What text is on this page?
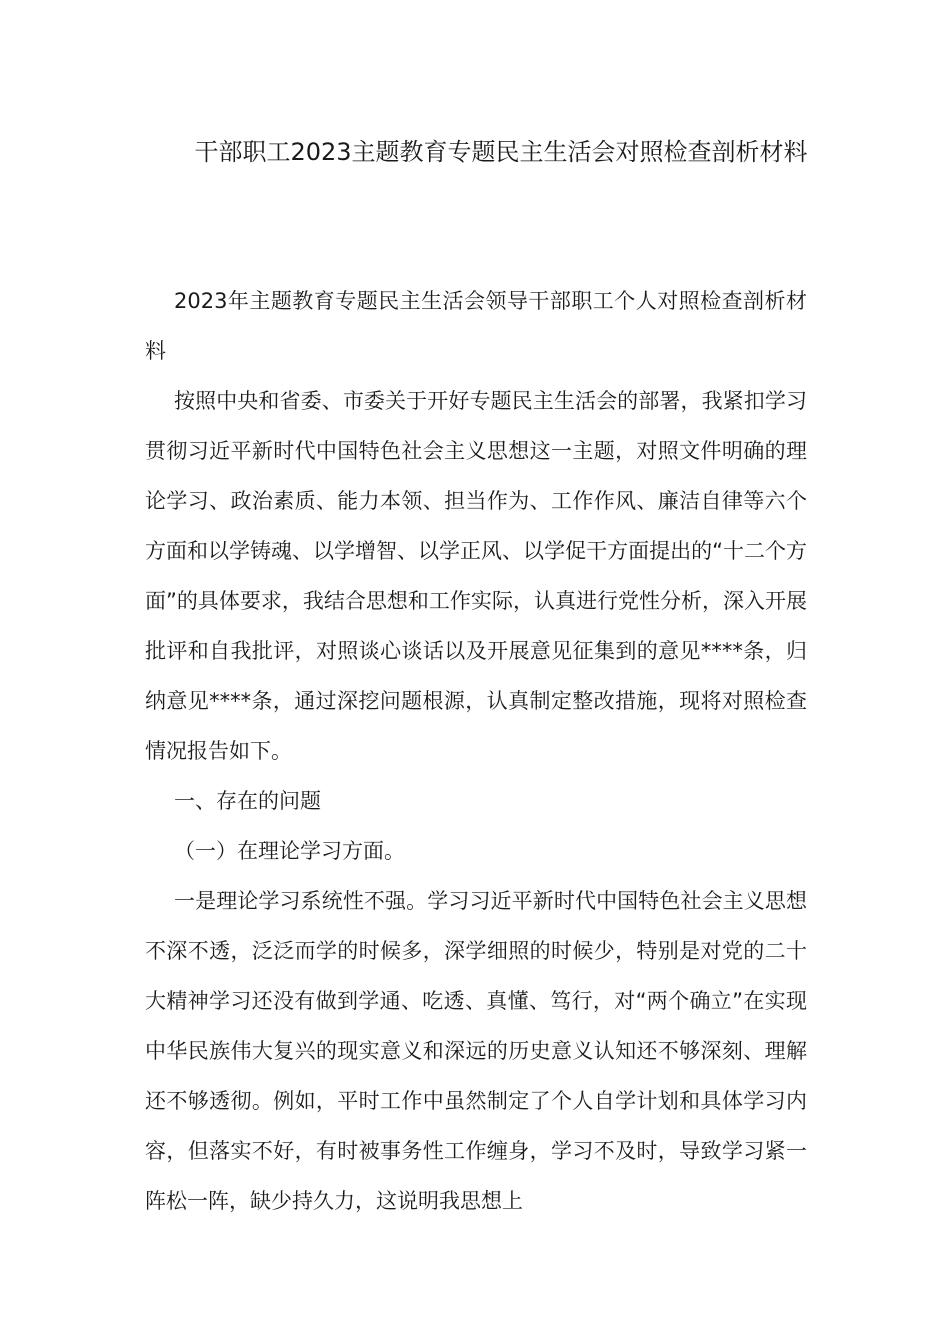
干部职工2023主题教育专题民主生活会对照检查剖析材料

2023年主题教育专题民主生活会领导干部职工个人对照检查剖析材料

按照中央和省委、市委关于开好专题民主生活会的部署，我紧扣学习贯彻习近平新时代中国特色社会主义思想这一主题，对照文件明确的理论学习、政治素质、能力本领、担当作为、工作作风、廉洁自律等六个方面和以学铸魂、以学增智、以学正风、以学促干方面提出的“十二个方面”的具体要求，我结合思想和工作实际，认真进行党性分析，深入开展批评和自我批评，对照谈心谈话以及开展意见征集到的意见****条，归纳意见****条，通过深挖问题根源，认真制定整改措施，现将对照检查情况报告如下。

一、存在的问题

（一）在理论学习方面。

一是理论学习系统性不强。学习习近平新时代中国特色社会主义思想不深不透，泛泛而学的时候多，深学细照的时候少，特别是对党的二十大精神学习还没有做到学通、吃透、真懂、笃行，对“两个确立”在实现中华民族伟大复兴的现实意义和深远的历史意义认知还不够深刻、理解还不够透彻。例如，平时工作中虽然制定了个人自学计划和具体学习内容，但落实不好，有时被事务性工作缠身，学习不及时，导致学习紧一阵松一阵，缺少持久力，这说明我思想上
